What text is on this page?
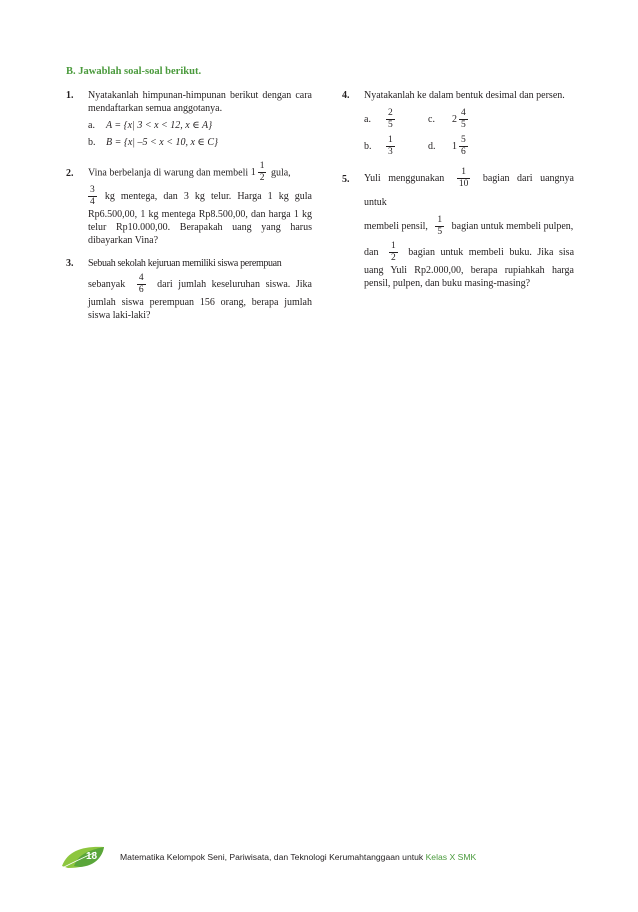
B. Jawablah soal-soal berikut.
1. Nyatakanlah himpunan-himpunan berikut dengan cara mendaftarkan semua anggotanya.
a. A = {x| 3 < x < 12, x ∈ A}
b. B = {x| –5 < x < 10, x ∈ C}
2. Vina berbelanja di warung dan membeli $1 \frac{1}{2}$ gula,
$\frac{3}{4}$ kg mentega, dan 3 kg telur. Harga 1 kg gula Rp6.500,00, 1 kg mentega Rp8.500,00, dan harga 1 kg telur Rp10.000,00. Berapakah uang yang harus dibayarkan Vina?
3. Sebuah sekolah kejuruan memiliki siswa perempuan
sebanyak $\frac{4}{6}$ dari jumlah keseluruhan siswa. Jika jumlah siswa perempuan 156 orang, berapa jumlah siswa laki-laki?
4. Nyatakanlah ke dalam bentuk desimal dan persen.
a.	$\frac{2}{5}$	c.	$2 \frac{4}{5}$
b.	$\frac{1}{3}$	d.	$1 \frac{5}{6}$
5. Yuli menggunakan $\frac{1}{10}$ bagian dari uangnya untuk
membeli pensil, $\frac{1}{5}$ bagian untuk membeli pulpen,
dan $\frac{1}{2}$ bagian untuk membeli buku. Jika sisa uang Yuli Rp2.000,00, berapa rupiahkah harga pensil, pulpen, dan buku masing-masing?
18	Matematika Kelompok Seni, Pariwisata, dan Teknologi Kerumahtanggaan untuk Kelas X SMK
